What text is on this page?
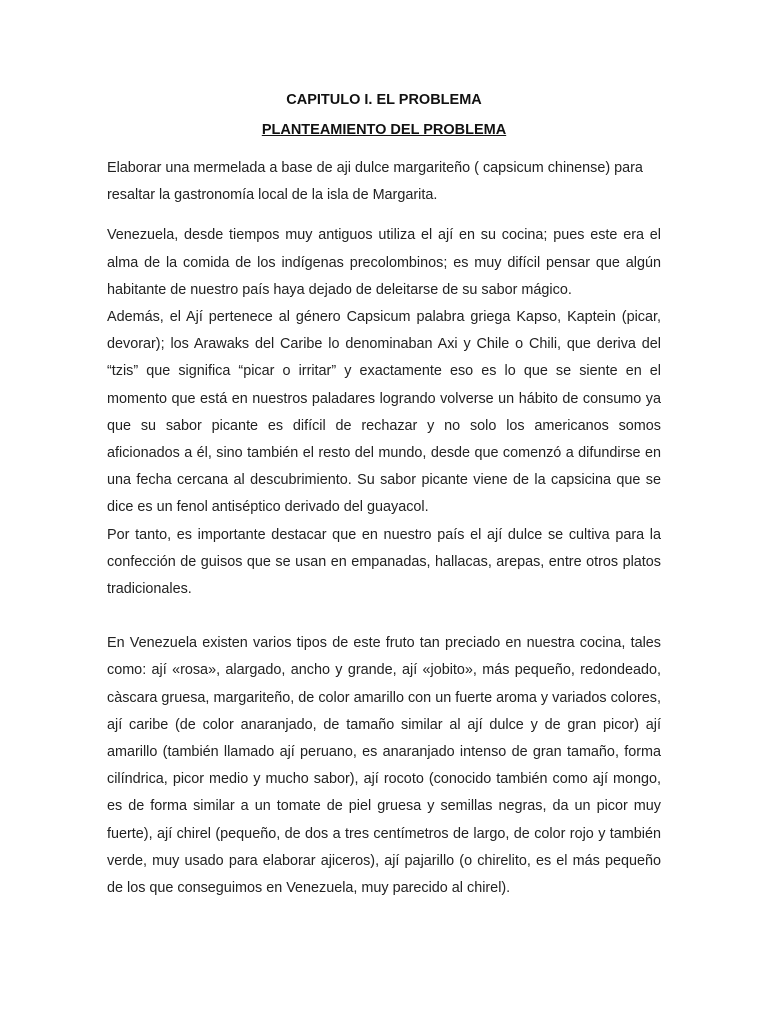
CAPITULO I. EL PROBLEMA

PLANTEAMIENTO DEL PROBLEMA

Elaborar una mermelada a base de aji dulce margariteño ( capsicum chinense) para resaltar la gastronomía local de la isla de Margarita.

Venezuela, desde tiempos muy antiguos utiliza el ají en su cocina; pues este era el alma de la comida de los indígenas precolombinos; es muy difícil pensar que algún habitante de nuestro país haya dejado de deleitarse de su sabor mágico.

Además, el Ají pertenece al género Capsicum palabra griega Kapso, Kaptein (picar, devorar); los Arawaks del Caribe lo denominaban Axi y Chile o Chili, que deriva del “tzis” que significa “picar o irritar” y exactamente eso es lo que se siente en el momento que está en nuestros paladares logrando volverse un hábito de consumo ya que su sabor picante es difícil de rechazar y no solo los americanos somos aficionados a él, sino también el resto del mundo, desde que comenzó a difundirse en una fecha cercana al descubrimiento. Su sabor picante viene de la capsicina que se dice es un fenol antiséptico derivado del guayacol.

Por tanto, es importante destacar que en nuestro país el ají dulce se cultiva para la confección de guisos que se usan en empanadas, hallacas, arepas, entre otros platos tradicionales.

En Venezuela existen varios tipos de este fruto tan preciado en nuestra cocina, tales como: ají «rosa», alargado, ancho y grande, ají «jobito», más pequeño, redondeado, càscara gruesa, margariteño, de color amarillo con un fuerte aroma y variados colores, ají caribe (de color anaranjado, de tamaño similar al ají dulce y de gran picor) ají amarillo (también llamado ají peruano, es anaranjado intenso de gran tamaño, forma cilíndrica, picor medio y mucho sabor), ají rocoto (conocido también como ají mongo, es de forma similar a un tomate de piel gruesa y semillas negras, da un picor muy fuerte), ají chirel (pequeño, de dos a tres centímetros de largo, de color rojo y también verde, muy usado para elaborar ajiceros), ají pajarillo (o chirelito, es el más pequeño de los que conseguimos en Venezuela, muy parecido al chirel).
